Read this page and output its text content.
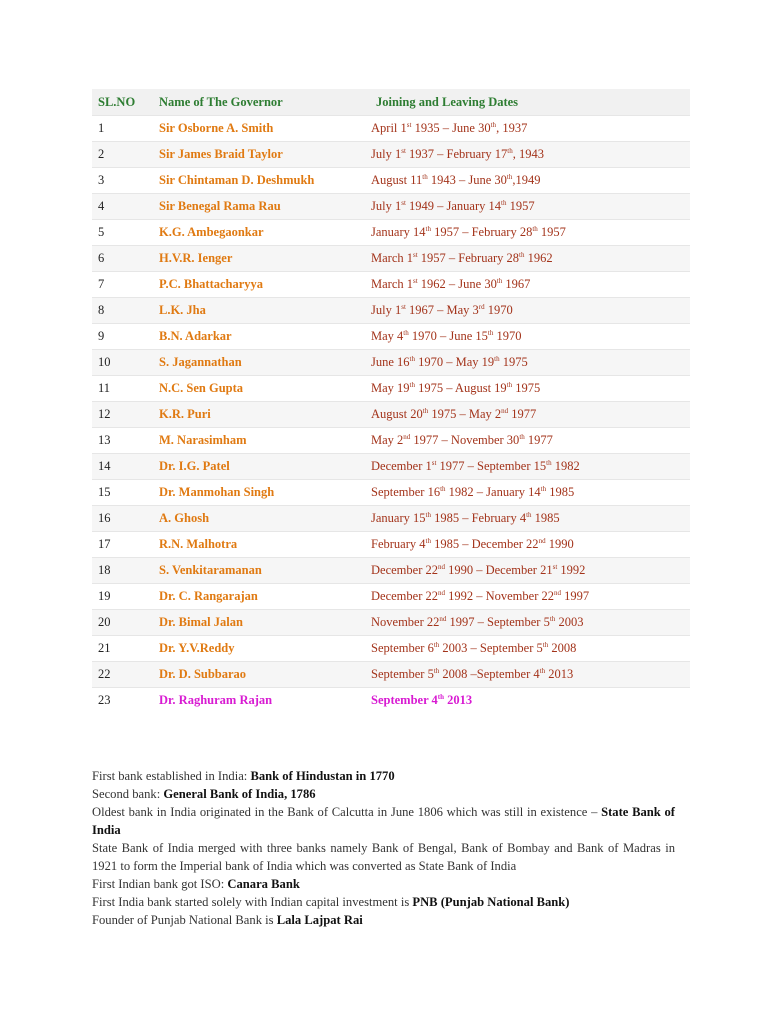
SL.NO	Name of The Governor	Joining and Leaving Dates
1	Sir Osborne A. Smith	April 1st 1935 – June 30th, 1937
2	Sir James Braid Taylor	July 1st 1937 – February 17th, 1943
3	Sir Chintaman D. Deshmukh	August 11th 1943 – June 30th,1949
4	Sir Benegal Rama Rau	July 1st 1949 – January 14th 1957
5	K.G. Ambegaonkar	January 14th 1957 – February 28th 1957
6	H.V.R. Ienger	March 1st 1957 – February 28th 1962
7	P.C. Bhattacharyya	March 1st 1962 – June 30th 1967
8	L.K. Jha	July 1st 1967 – May 3rd 1970
9	B.N. Adarkar	May 4th 1970 – June 15th 1970
10	S. Jagannathan	June 16th 1970 – May 19th 1975
11	N.C. Sen Gupta	May 19th 1975 – August 19th 1975
12	K.R. Puri	August 20th 1975 – May 2nd 1977
13	M. Narasimham	May 2nd 1977 – November 30th 1977
14	Dr. I.G. Patel	December 1st 1977 – September 15th 1982
15	Dr. Manmohan Singh	September 16th 1982 – January 14th 1985
16	A. Ghosh	January 15th 1985 – February 4th 1985
17	R.N. Malhotra	February 4th 1985 – December 22nd 1990
18	S. Venkitaramanan	December 22nd 1990 – December 21st 1992
19	Dr. C. Rangarajan	December 22nd 1992 – November 22nd 1997
20	Dr. Bimal Jalan	November 22nd 1997 – September 5th 2003
21	Dr. Y.V.Reddy	September 6th 2003 – September 5th 2008
22	Dr. D. Subbarao	September 5th 2008 –September 4th 2013
23	Dr. Raghuram Rajan	September 4th 2013

First bank established in India: Bank of Hindustan in 1770

Second bank: General Bank of India, 1786

Oldest bank in India originated in the Bank of Calcutta in June 1806 which was still in existence – State Bank of India

State Bank of India merged with three banks namely Bank of Bengal, Bank of Bombay and Bank of Madras in 1921 to form the Imperial bank of India which was converted as State Bank of India

First Indian bank got ISO: Canara Bank

First India bank started solely with Indian capital investment is PNB (Punjab National Bank)

Founder of Punjab National Bank is Lala Lajpat Rai
